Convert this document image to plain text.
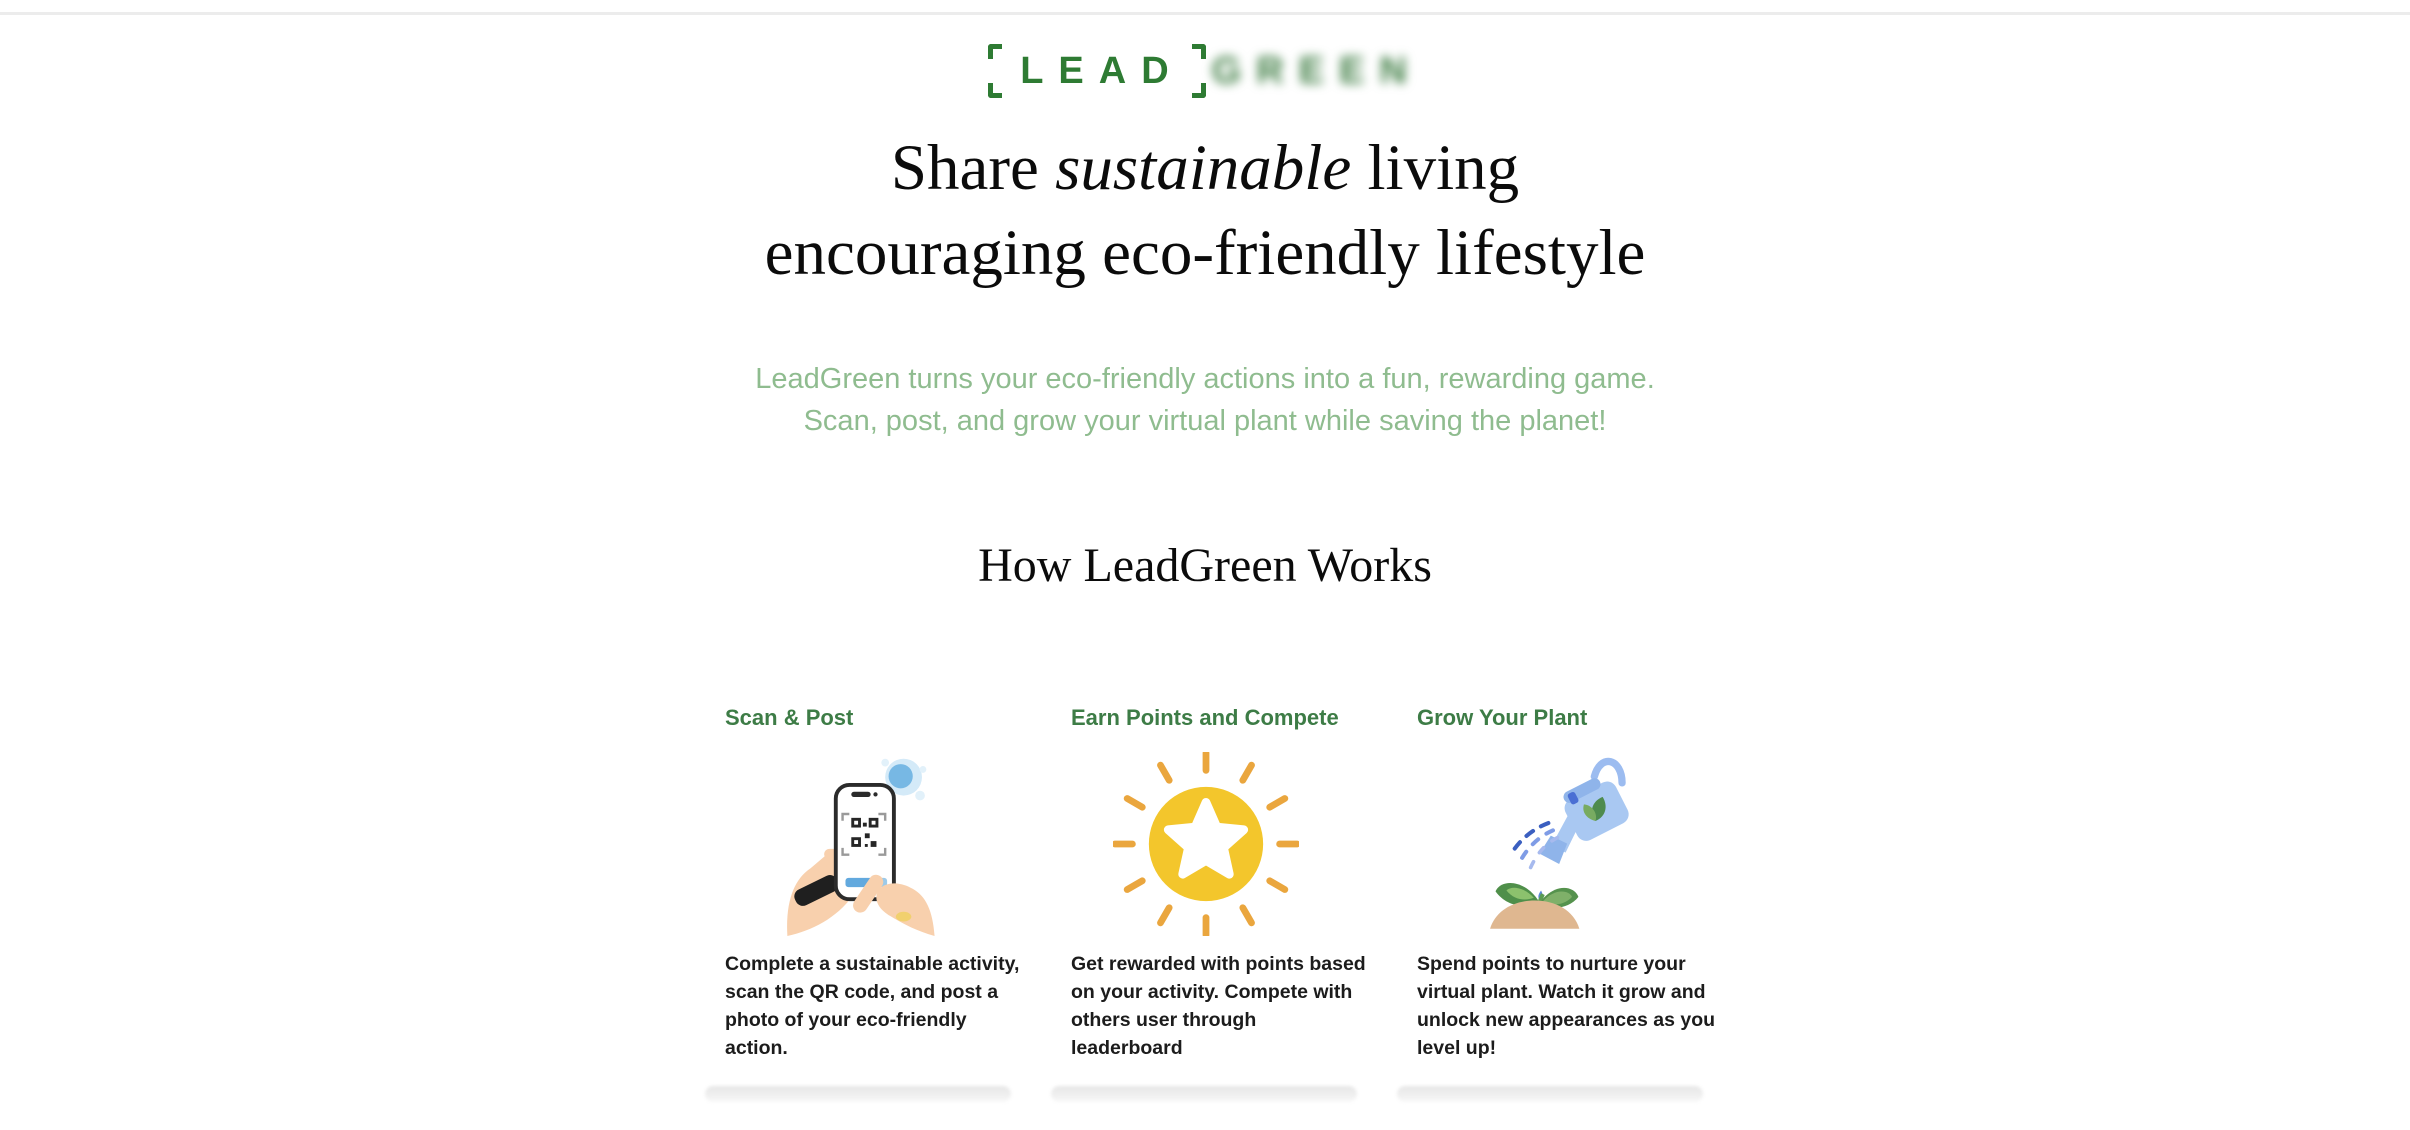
LEAD GREEN
Share sustainable living
encouraging eco-friendly lifestyle
LeadGreen turns your eco-friendly actions into a fun, rewarding game.
Scan, post, and grow your virtual plant while saving the planet!
How LeadGreen Works
Scan & Post
Complete a sustainable activity,
scan the QR code, and post a
photo of your eco-friendly
action.
Earn Points and Compete
Get rewarded with points based
on your activity. Compete with
others user through
leaderboard
Grow Your Plant
Spend points to nurture your
virtual plant. Watch it grow and
unlock new appearances as you
level up!
